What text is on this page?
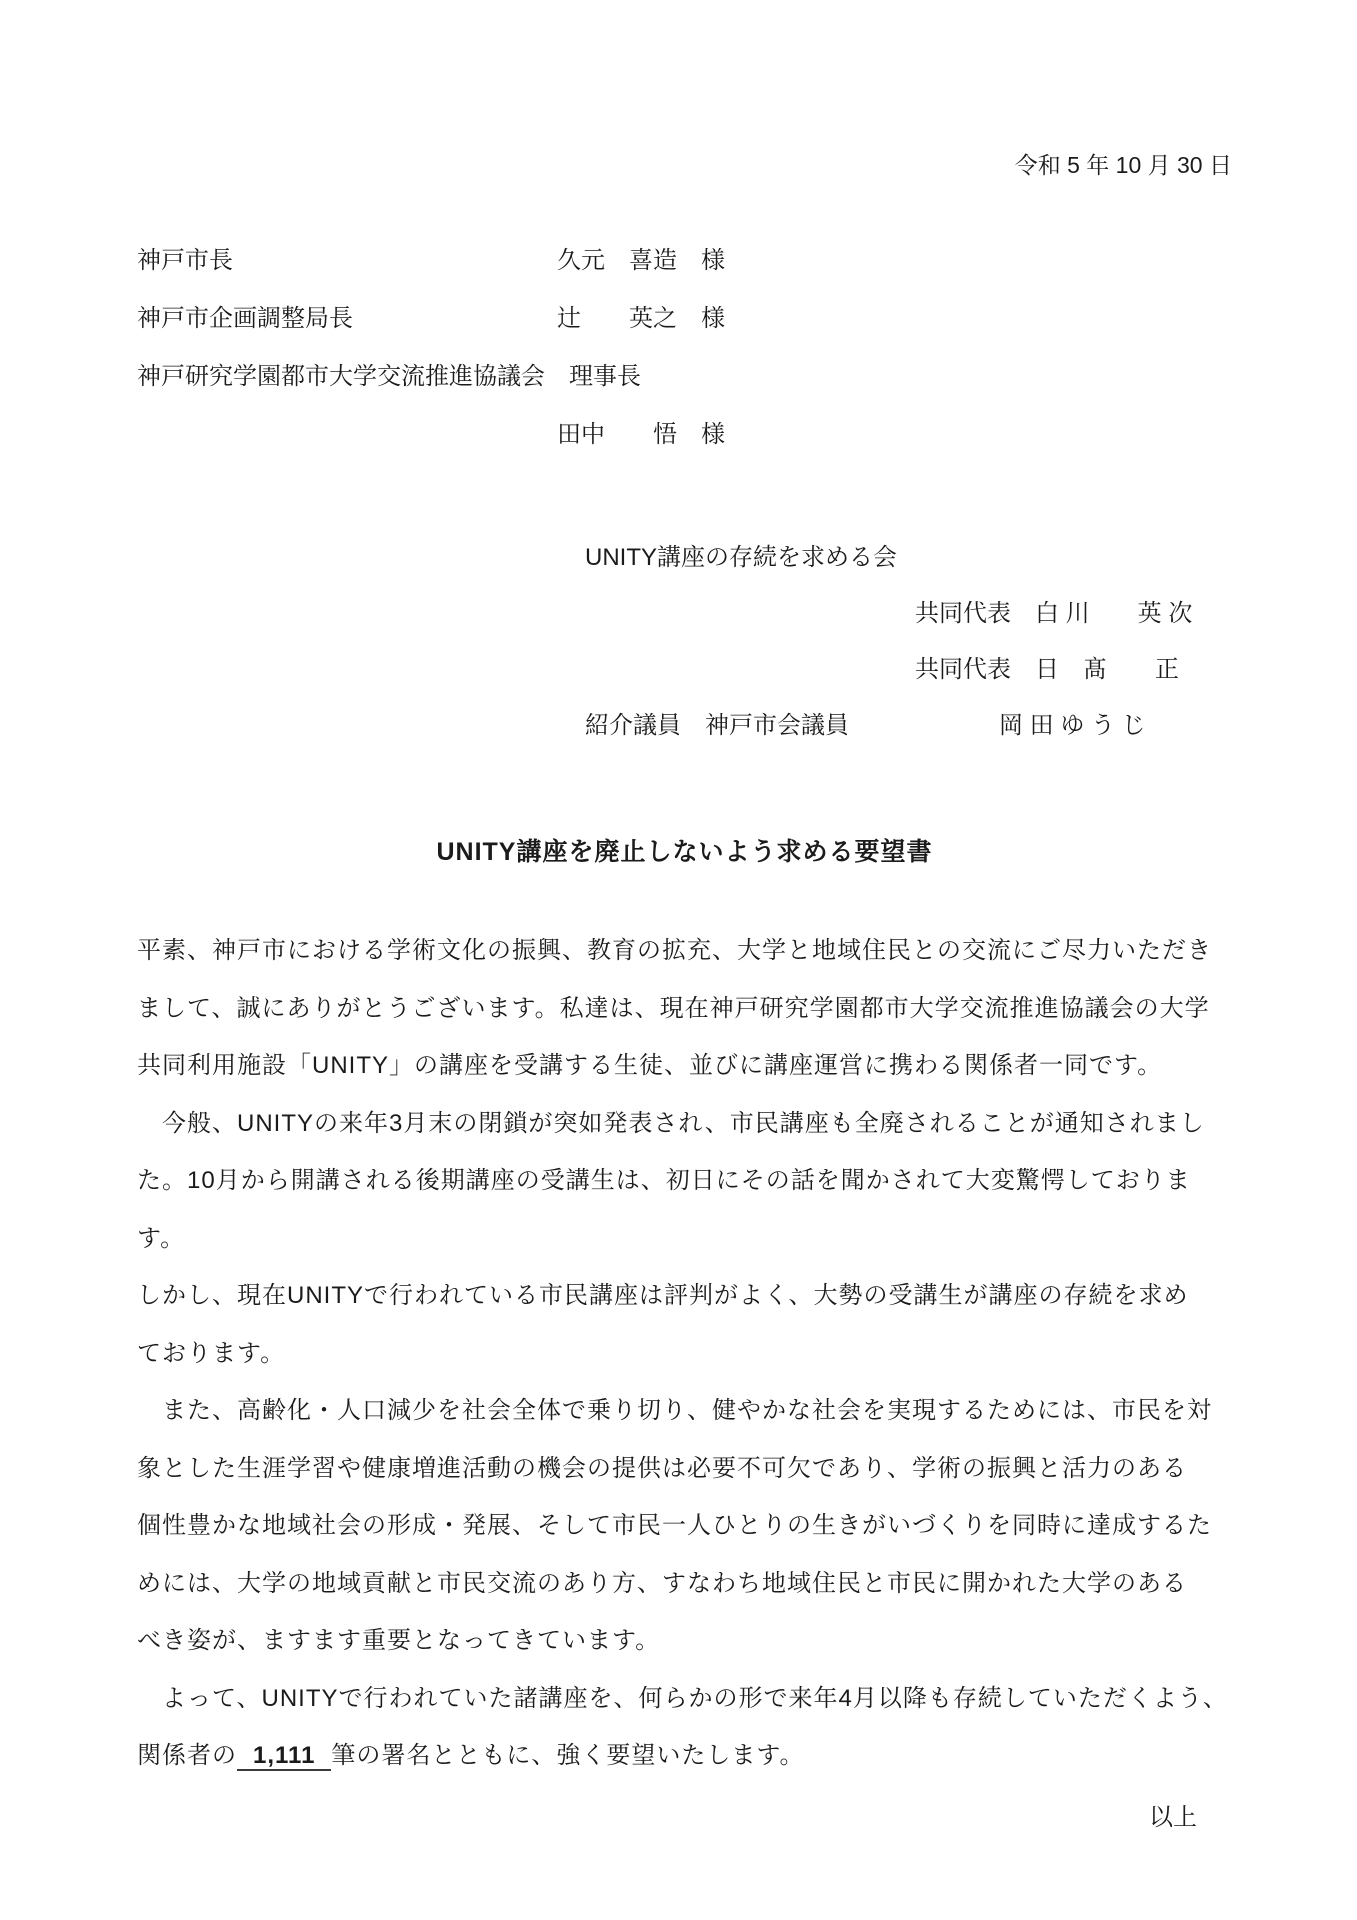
令和 5 年 10 月 30 日
神戸市長	久元　喜造　様
神戸市企画調整局長	辻　　英之　様
神戸研究学園都市大学交流推進協議会　理事長
田中　　悟　様
UNITY講座の存続を求める会
共同代表　白 川　　英 次
共同代表　日　髙　　正
紹介議員　神戸市会議員	岡 田 ゆ う じ
UNITY講座を廃止しないよう求める要望書
平素、神戸市における学術文化の振興、教育の拡充、大学と地域住民との交流にご尽力いただき
まして、誠にありがとうございます。私達は、現在神戸研究学園都市大学交流推進協議会の大学
共同利用施設「UNITY」の講座を受講する生徒、並びに講座運営に携わる関係者一同です。
　今般、UNITYの来年3月末の閉鎖が突如発表され、市民講座も全廃されることが通知されまし
た。10月から開講される後期講座の受講生は、初日にその話を聞かされて大変驚愕しております。
しかし、現在UNITYで行われている市民講座は評判がよく、大勢の受講生が講座の存続を求め
ております。
　また、高齢化・人口減少を社会全体で乗り切り、健やかな社会を実現するためには、市民を対
象とした生涯学習や健康増進活動の機会の提供は必要不可欠であり、学術の振興と活力のある
個性豊かな地域社会の形成・発展、そして市民一人ひとりの生きがいづくりを同時に達成するた
めには、大学の地域貢献と市民交流のあり方、すなわち地域住民と市民に開かれた大学のある
べき姿が、ますます重要となってきています。
　よって、UNITYで行われていた諸講座を、何らかの形で来年4月以降も存続していただくよう、
関係者の 1,111 筆の署名とともに、強く要望いたします。
以上
